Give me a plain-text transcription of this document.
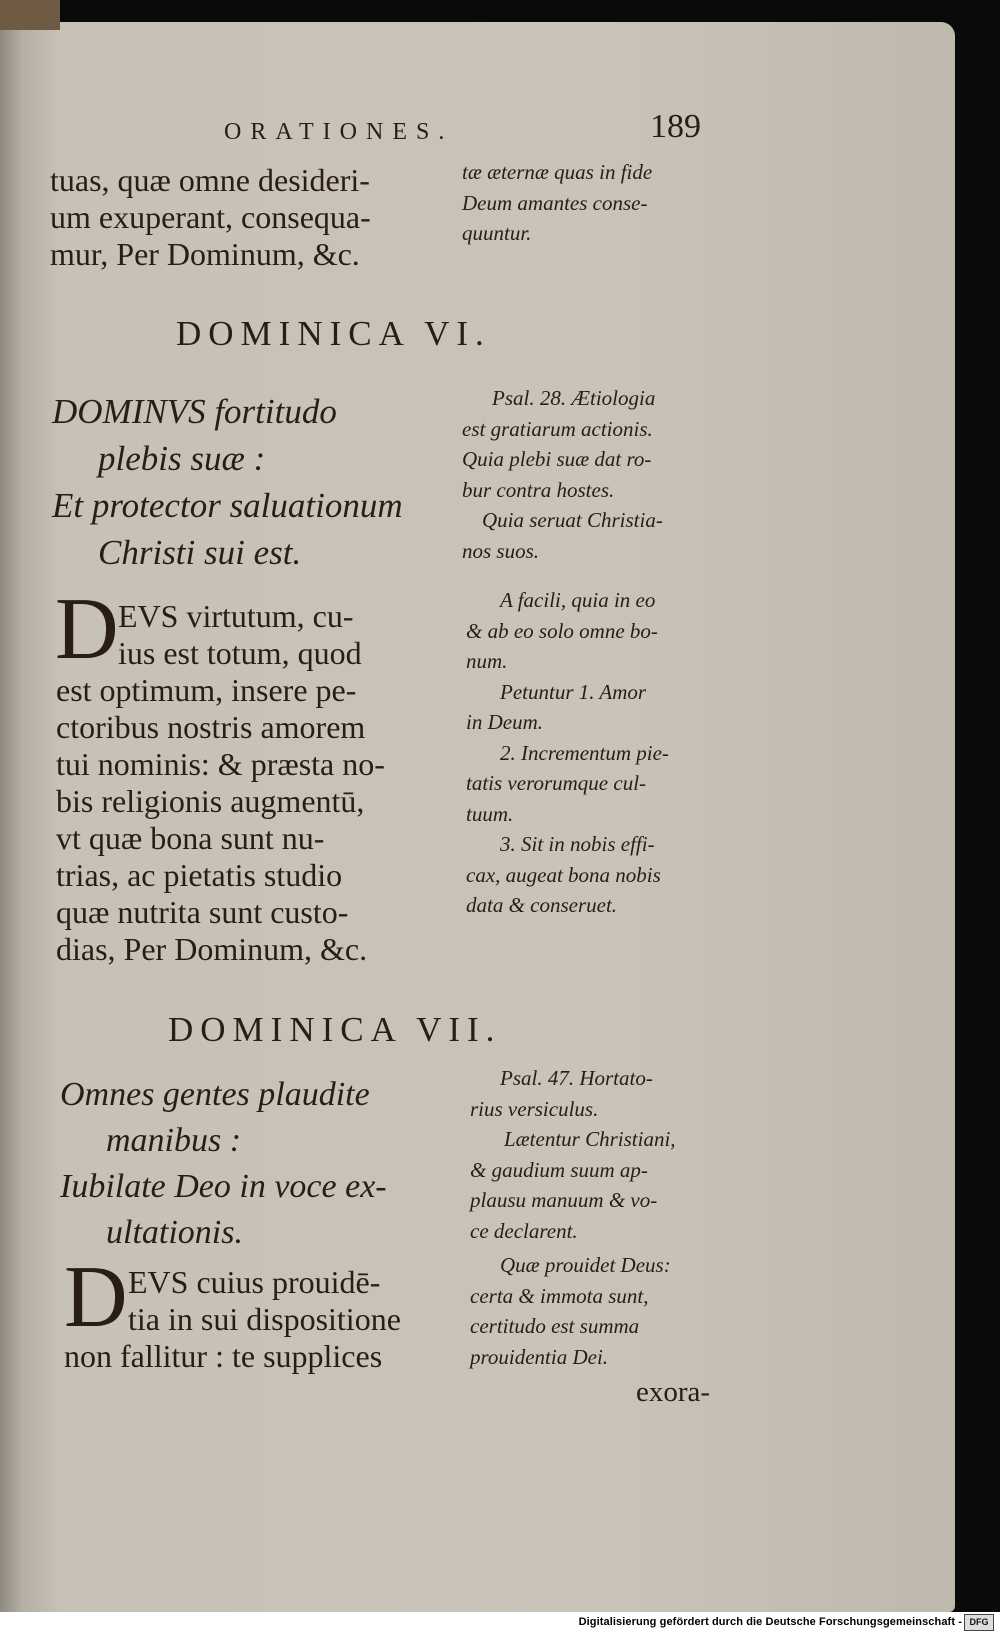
ORATIONES.	189
tuas, quæ omne desideri-
um exuperant, consequa-
mur, Per Dominum, &c.
tæ æternæ quas in fide
Deum amantes conse-
quuntur.
DOMINICA VI.
DOMINVS fortitudo
plebis suæ :
Et protector saluationum
Christi sui est.
Psal. 28. Ætiologia
est gratiarum actionis.
Quia plebi suæ dat ro-
bur contra hostes.
Quia seruat Christia-
nos suos.
D EVS virtutum, cu-
ius est totum, quod
est optimum, insere pe-
ctoribus nostris amorem
tui nominis: & præsta no-
bis religionis augmentū,
vt quæ bona sunt nu-
trias, ac pietatis studio
quæ nutrita sunt custo-
dias, Per Dominum, &c.
A facili, quia in eo
& ab eo solo omne bo-
num.
Petuntur 1. Amor
in Deum.
2. Incrementum pie-
tatis verorumque cul-
tuum.
3. Sit in nobis effi-
cax, augeat bona nobis
data & conseruet.
DOMINICA VII.
Omnes gentes plaudite
manibus :
Iubilate Deo in voce ex-
ultationis.
Psal. 47. Hortato-
rius versiculus.
Lætentur Christiani,
& gaudium suum ap-
plausu manuum & vo-
ce declarent.
D EVS cuius prouidē-
tia in sui dispositione
non fallitur : te supplices
Quæ prouidet Deus:
certa & immota sunt,
certitudo est summa
prouidentia Dei.
exora-
Digitalisierung gefördert durch die Deutsche Forschungsgemeinschaft - DFG
